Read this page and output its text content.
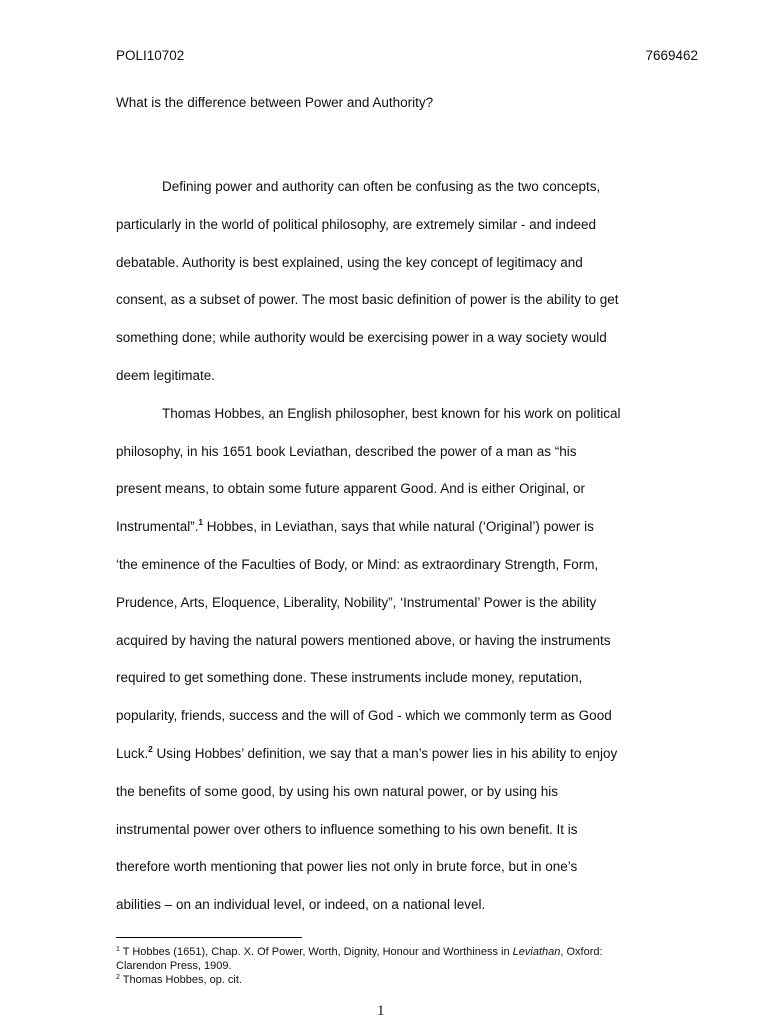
POLI10702	7669462
What is the difference between Power and Authority?
Defining power and authority can often be confusing as the two concepts,
particularly in the world of political philosophy, are extremely similar - and indeed
debatable. Authority is best explained, using the key concept of legitimacy and
consent, as a subset of power. The most basic definition of power is the ability to get
something done; while authority would be exercising power in a way society would
deem legitimate.
Thomas Hobbes, an English philosopher, best known for his work on political
philosophy, in his 1651 book Leviathan, described the power of a man as “his
present means, to obtain some future apparent Good. And is either Original, or
Instrumental”.$^1$ Hobbes, in Leviathan, says that while natural (‘Original’) power is
‘the eminence of the Faculties of Body, or Mind: as extraordinary Strength, Form,
Prudence, Arts, Eloquence, Liberality, Nobility”, ‘Instrumental’ Power is the ability
acquired by having the natural powers mentioned above, or having the instruments
required to get something done. These instruments include money, reputation,
popularity, friends, success and the will of God - which we commonly term as Good
Luck.$^2$ Using Hobbes’ definition, we say that a man’s power lies in his ability to enjoy
the benefits of some good, by using his own natural power, or by using his
instrumental power over others to influence something to his own benefit. It is
therefore worth mentioning that power lies not only in brute force, but in one’s
abilities – on an individual level, or indeed, on a national level.
$^1$ T Hobbes (1651), Chap. X. Of Power, Worth, Dignity, Honour and Worthiness in Leviathan, Oxford:
Clarendon Press, 1909.
$^2$ Thomas Hobbes, op. cit.
1
